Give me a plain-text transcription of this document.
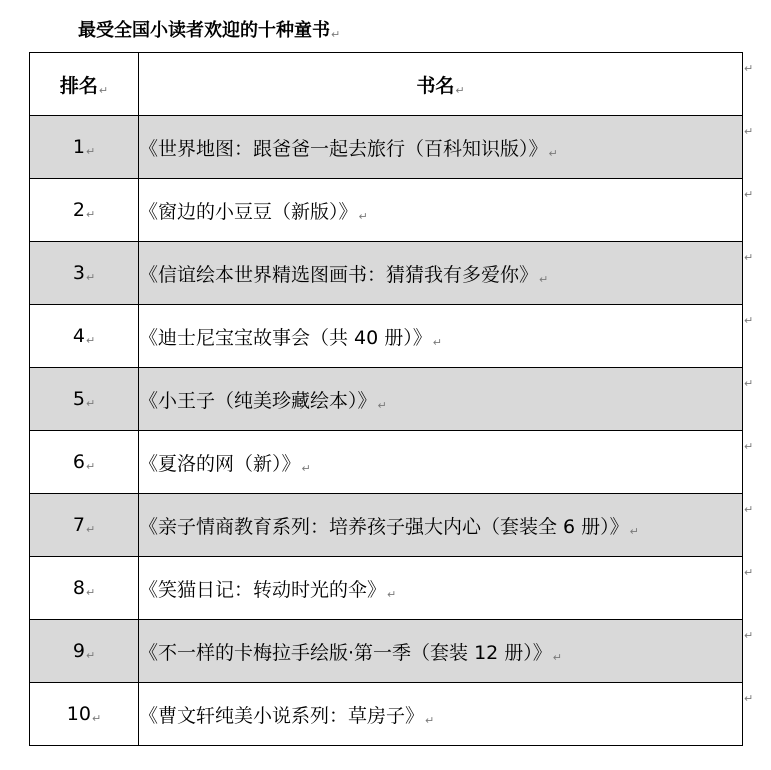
最受全国小读者欢迎的十种童书↵
排名↵	书名↵
1↵	《世界地图：跟爸爸一起去旅行（百科知识版）》↵
2↵	《窗边的小豆豆（新版）》↵
3↵	《信谊绘本世界精选图画书：猜猜我有多爱你》↵
4↵	《迪士尼宝宝故事会（共 40 册）》↵
5↵	《小王子（纯美珍藏绘本）》↵
6↵	《夏洛的网（新）》↵
7↵	《亲子情商教育系列：培养孩子强大内心（套装全 6 册）》↵
8↵	《笑猫日记：转动时光的伞》↵
9↵	《不一样的卡梅拉手绘版·第一季（套装 12 册）》↵
10↵	《曹文轩纯美小说系列：草房子》↵
↵
↵
↵
↵
↵
↵
↵
↵
↵
↵
↵
